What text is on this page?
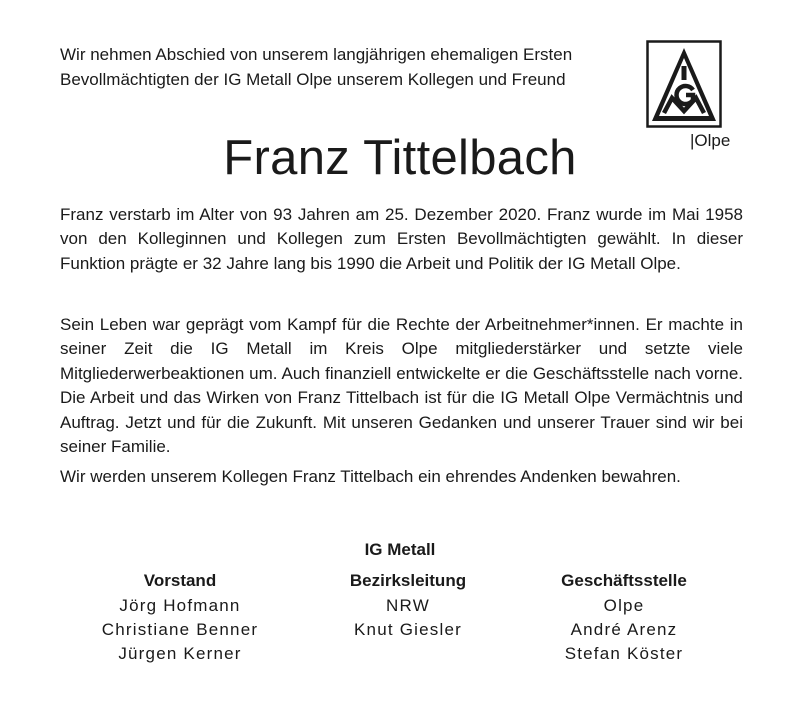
Wir nehmen Abschied von unserem langjährigen ehemaligen Ersten Bevollmächtigten der IG Metall Olpe unserem Kollegen und Freund

|Olpe

Franz Tittelbach

Franz verstarb im Alter von 93 Jahren am 25. Dezember 2020. Franz wurde im Mai 1958 von den Kolleginnen und Kollegen zum Ersten Bevollmächtigten gewählt. In dieser Funktion prägte er 32 Jahre lang bis 1990 die Arbeit und Politik der IG Metall Olpe.

Sein Leben war geprägt vom Kampf für die Rechte der Arbeitnehmer*innen. Er machte in seiner Zeit die IG Metall im Kreis Olpe mitgliederstärker und setzte viele Mitgliederwerbeaktionen um. Auch finanziell entwickelte er die Geschäftsstelle nach vorne. Die Arbeit und das Wirken von Franz Tittelbach ist für die IG Metall Olpe Vermächtnis und Auftrag. Jetzt und für die Zukunft. Mit unseren Gedanken und unserer Trauer sind wir bei seiner Familie.

Wir werden unserem Kollegen Franz Tittelbach ein ehrendes Andenken bewahren.

IG Metall

Vorstand

Jörg Hofmann

Christiane Benner

Jürgen Kerner

Bezirksleitung

NRW

Knut Giesler

Geschäftsstelle

Olpe

André Arenz

Stefan Köster
